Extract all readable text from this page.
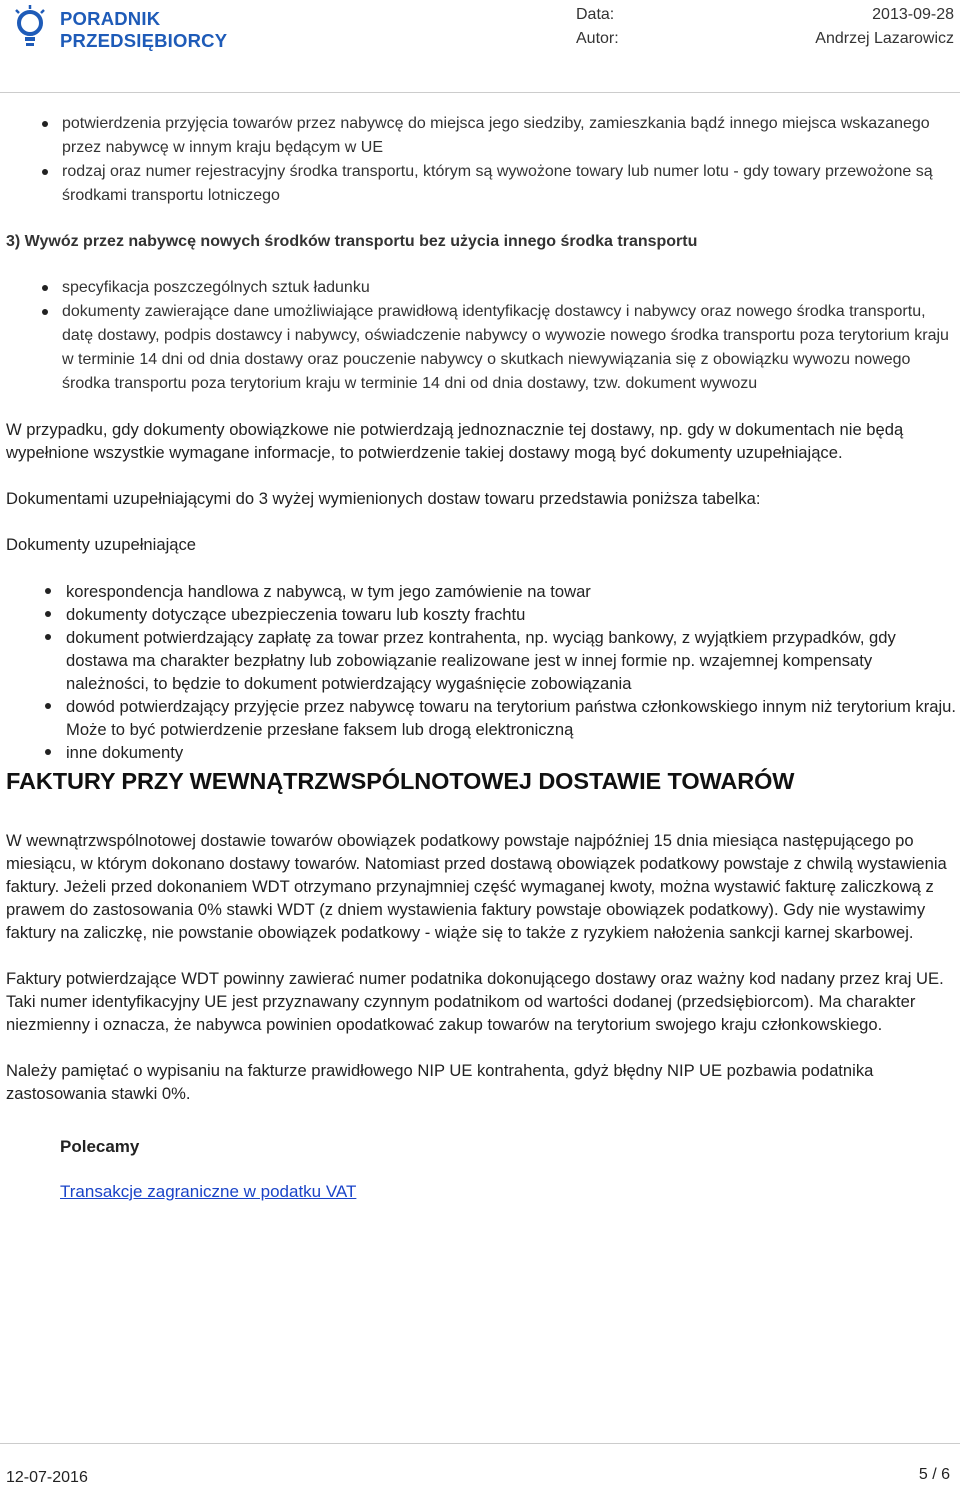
PORADNIK
PRZEDSIĘBIORCY
Data:
Autor:
2013-09-28
Andrzej Lazarowicz
potwierdzenia przyjęcia towarów przez nabywcę do miejsca jego siedziby, zamieszkania bądź innego miejsca wskazanego przez nabywcę w innym kraju będącym w UE
rodzaj oraz numer rejestracyjny środka transportu, którym są wywożone towary lub numer lotu - gdy towary przewożone są środkami transportu lotniczego
3) Wywóz przez nabywcę nowych środków transportu bez użycia innego środka transportu
specyfikacja poszczególnych sztuk ładunku
dokumenty zawierające dane umożliwiające prawidłową identyfikację dostawcy i nabywcy oraz nowego środka transportu, datę dostawy, podpis dostawcy i nabywcy, oświadczenie nabywcy o wywozie nowego środka transportu poza terytorium kraju w terminie 14 dni od dnia dostawy oraz pouczenie nabywcy o skutkach niewywiązania się z obowiązku wywozu nowego środka transportu poza terytorium kraju w terminie 14 dni od dnia dostawy, tzw. dokument wywozu

W przypadku, gdy dokumenty obowiązkowe nie potwierdzają jednoznacznie tej dostawy, np. gdy w dokumentach nie będą wypełnione wszystkie wymagane informacje, to potwierdzenie takiej dostawy mogą być dokumenty uzupełniające.

Dokumentami uzupełniającymi do 3 wyżej wymienionych dostaw towaru przedstawia poniższa tabelka:

Dokumenty uzupełniające

korespondencja handlowa z nabywcą, w tym jego zamówienie na towar
dokumenty dotyczące ubezpieczenia towaru lub koszty frachtu
dokument potwierdzający zapłatę za towar przez kontrahenta, np. wyciąg bankowy, z wyjątkiem przypadków, gdy dostawa ma charakter bezpłatny lub zobowiązanie realizowane jest w innej formie np. wzajemnej kompensaty należności, to będzie to dokument potwierdzający wygaśnięcie zobowiązania
dowód potwierdzający przyjęcie przez nabywcę towaru na terytorium państwa członkowskiego innym niż terytorium kraju. Może to być potwierdzenie przesłane faksem lub drogą elektroniczną
inne dokumenty
FAKTURY PRZY WEWNĄTRZWSPÓLNOTOWEJ DOSTAWIE TOWARÓW

W wewnątrzwspólnotowej dostawie towarów obowiązek podatkowy powstaje najpóźniej 15 dnia miesiąca następującego po miesiącu, w którym dokonano dostawy towarów. Natomiast przed dostawą obowiązek podatkowy powstaje z chwilą wystawienia faktury. Jeżeli przed dokonaniem WDT otrzymano przynajmniej część wymaganej kwoty, można wystawić fakturę zaliczkową z prawem do zastosowania 0% stawki WDT (z dniem wystawienia faktury powstaje obowiązek podatkowy). Gdy nie wystawimy faktury na zaliczkę, nie powstanie obowiązek podatkowy - wiąże się to także z ryzykiem nałożenia sankcji karnej skarbowej.

Faktury potwierdzające WDT powinny zawierać numer podatnika dokonującego dostawy oraz ważny kod nadany przez kraj UE. Taki numer identyfikacyjny UE jest przyznawany czynnym podatnikom od wartości dodanej (przedsiębiorcom). Ma charakter niezmienny i oznacza, że nabywca powinien opodatkować zakup towarów na terytorium swojego kraju członkowskiego.

Należy pamiętać o wypisaniu na fakturze prawidłowego NIP UE kontrahenta, gdyż błędny NIP UE pozbawia podatnika zastosowania stawki 0%.

Polecamy
Transakcje zagraniczne w podatku VAT
12-07-2016	5 / 6
